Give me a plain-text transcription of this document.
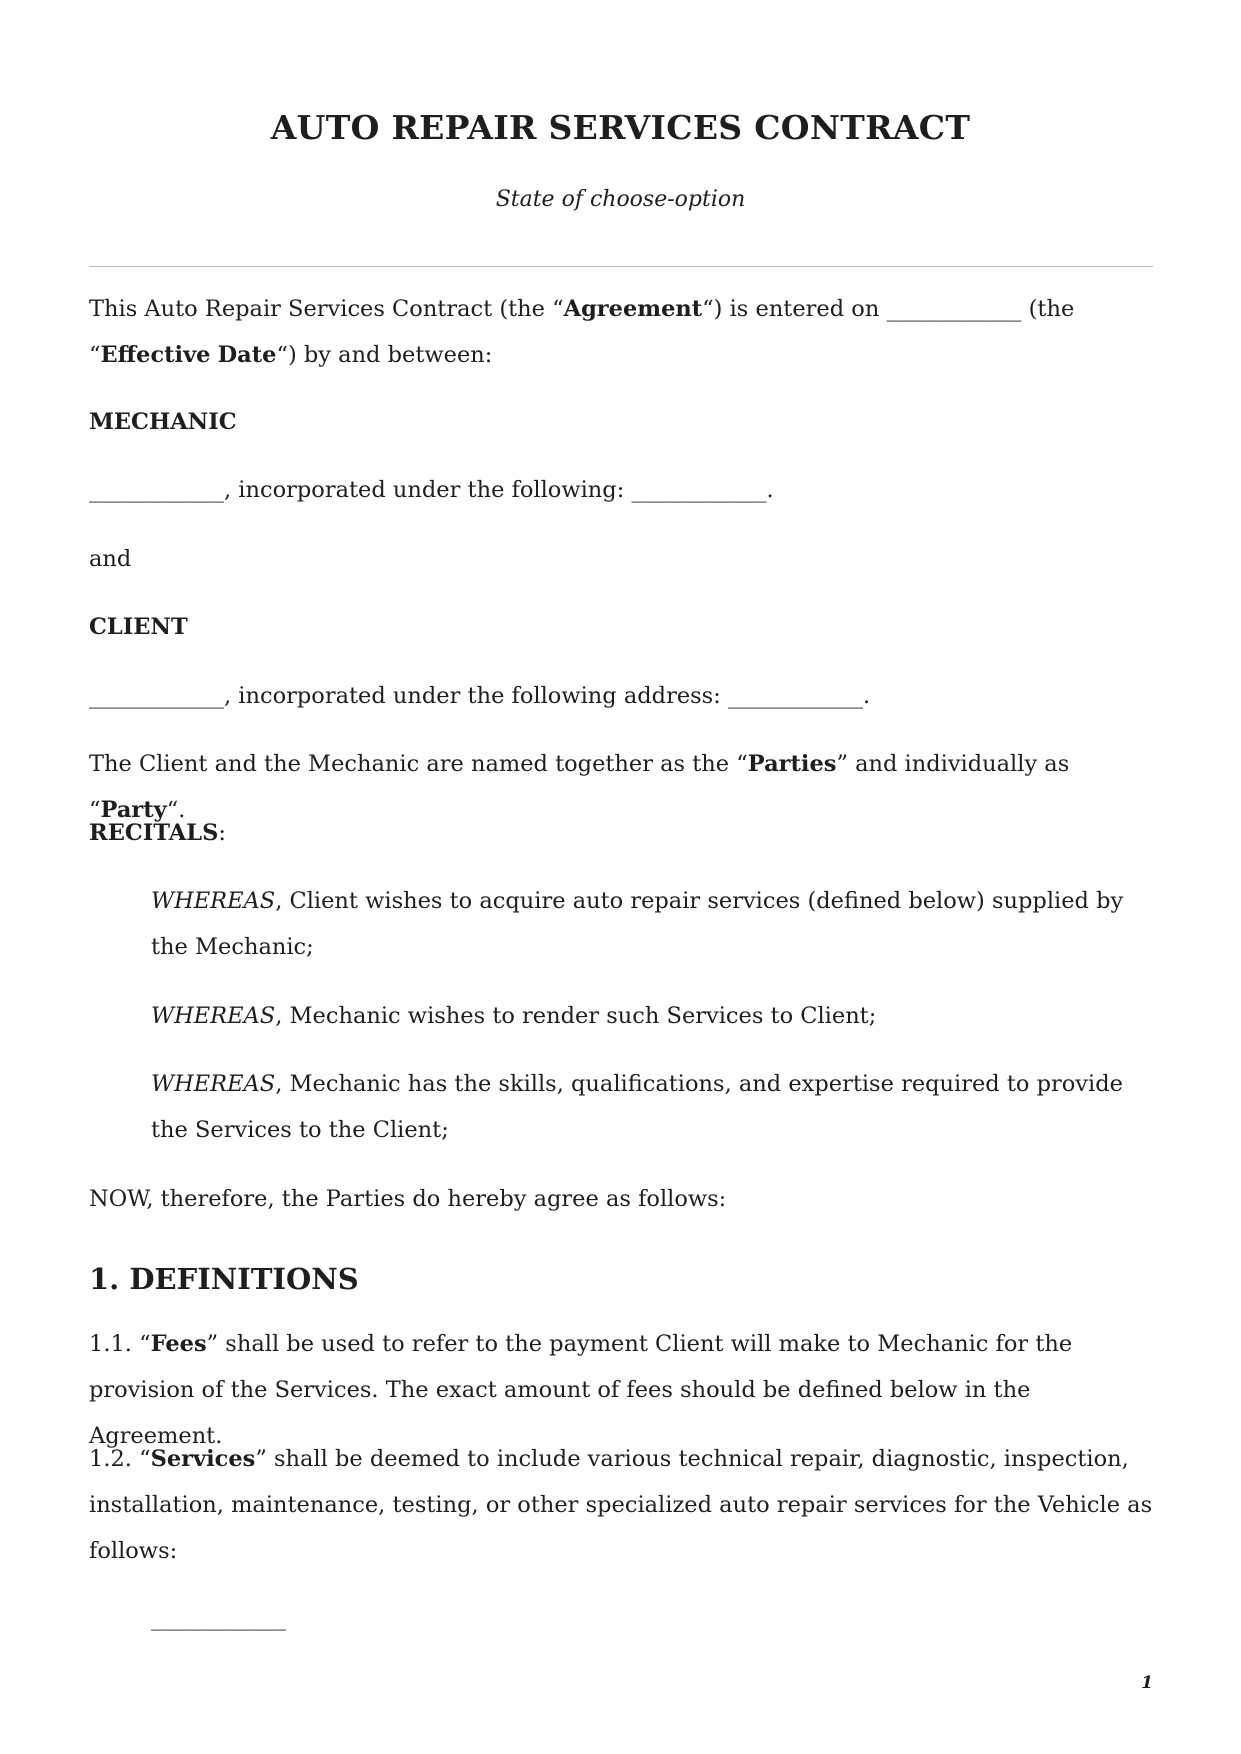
AUTO REPAIR SERVICES CONTRACT
State of choose-option

This Auto Repair Services Contract (the “Agreement“) is entered on ____________ (the “Effective Date“) by and between:

MECHANIC

____________, incorporated under the following: ____________.

and

CLIENT

____________, incorporated under the following address: ____________.

The Client and the Mechanic are named together as the “Parties” and individually as “Party“.

RECITALS:

WHEREAS, Client wishes to acquire auto repair services (defined below) supplied by the Mechanic;

WHEREAS, Mechanic wishes to render such Services to Client;

WHEREAS, Mechanic has the skills, qualifications, and expertise required to provide the Services to the Client;

NOW, therefore, the Parties do hereby agree as follows:

1. DEFINITIONS

1.1. “Fees” shall be used to refer to the payment Client will make to Mechanic for the provision of the Services. The exact amount of fees should be defined below in the Agreement.

1.2. “Services” shall be deemed to include various technical repair, diagnostic, inspection, installation, maintenance, testing, or other specialized auto repair services for the Vehicle as follows:

____________

1
